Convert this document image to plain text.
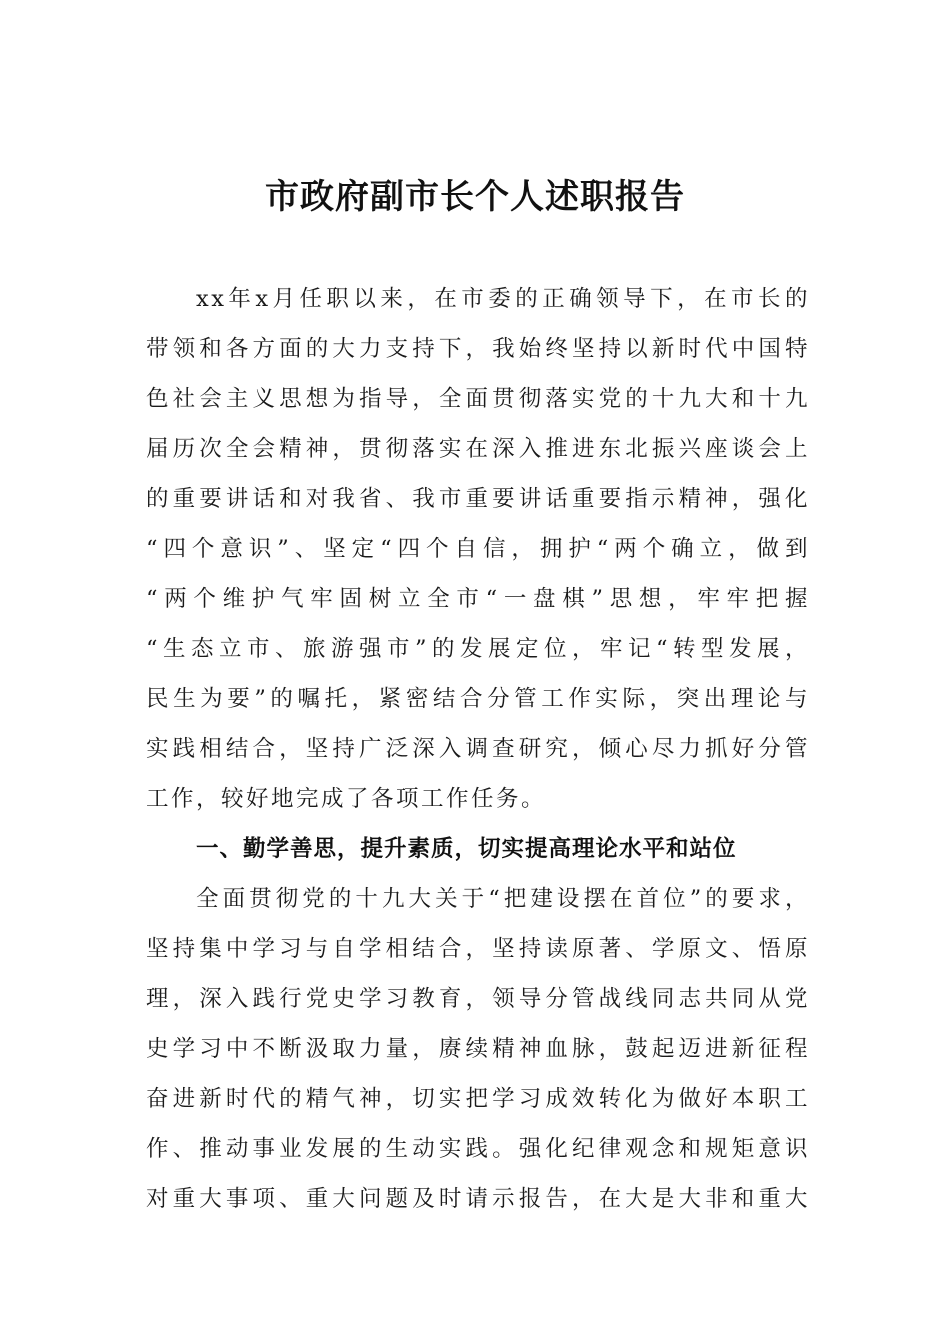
市政府副市长个人述职报告
xx年x月任职以来，在市委的正确领导下，在市长的
带领和各方面的大力支持下，我始终坚持以新时代中国特
色社会主义思想为指导，全面贯彻落实党的十九大和十九
届历次全会精神，贯彻落实在深入推进东北振兴座谈会上
的重要讲话和对我省、我市重要讲话重要指示精神，强化
“四个意识”、坚定“四个自信，拥护“两个确立，做到
“两个维护气牢固树立全市“一盘棋”思想，牢牢把握
“生态立市、旅游强市”的发展定位，牢记“转型发展，
民生为要”的嘱托，紧密结合分管工作实际，突出理论与
实践相结合，坚持广泛深入调查研究，倾心尽力抓好分管
工作，较好地完成了各项工作任务。
一、勤学善思，提升素质，切实提高理论水平和站位
全面贯彻党的十九大关于“把建设摆在首位”的要求，
坚持集中学习与自学相结合，坚持读原著、学原文、悟原
理，深入践行党史学习教育，领导分管战线同志共同从党
史学习中不断汲取力量，赓续精神血脉，鼓起迈进新征程
奋进新时代的精气神，切实把学习成效转化为做好本职工
作、推动事业发展的生动实践。强化纪律观念和规矩意识
对重大事项、重大问题及时请示报告，在大是大非和重大
